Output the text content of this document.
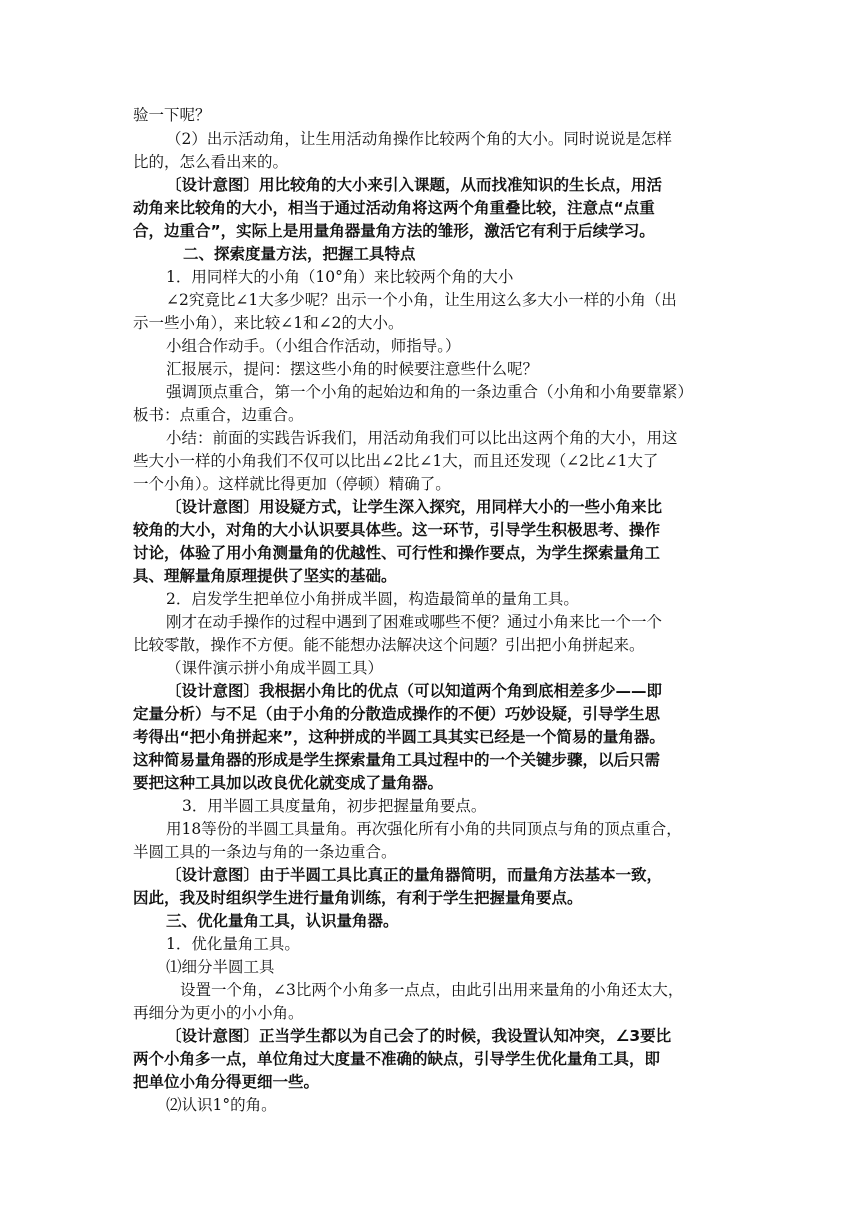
验一下呢？
（2）出示活动角，让生用活动角操作比较两个角的大小。同时说说是怎样
比的，怎么看出来的。
〔设计意图〕用比较角的大小来引入课题，从而找准知识的生长点，用活
动角来比较角的大小，相当于通过活动角将这两个角重叠比较，注意点“点重
合，边重合”，实际上是用量角器量角方法的雏形，激活它有利于后续学习。
二、探索度量方法，把握工具特点
1．用同样大的小角（10°角）来比较两个角的大小
∠2究竟比∠1大多少呢？出示一个小角，让生用这么多大小一样的小角（出
示一些小角），来比较∠1和∠2的大小。
小组合作动手。（小组合作活动，师指导。）
汇报展示，提问：摆这些小角的时候要注意些什么呢？
强调顶点重合，第一个小角的起始边和角的一条边重合（小角和小角要靠紧）
板书：点重合，边重合。
小结：前面的实践告诉我们，用活动角我们可以比出这两个角的大小，用这
些大小一样的小角我们不仅可以比出∠2比∠1大，而且还发现（∠2比∠1大了
一个小角）。这样就比得更加（停顿）精确了。
〔设计意图〕用设疑方式，让学生深入探究，用同样大小的一些小角来比
较角的大小，对角的大小认识要具体些。这一环节，引导学生积极思考、操作
讨论，体验了用小角测量角的优越性、可行性和操作要点，为学生探索量角工
具、理解量角原理提供了坚实的基础。
2．启发学生把单位小角拼成半圆，构造最简单的量角工具。
刚才在动手操作的过程中遇到了困难或哪些不便？通过小角来比一个一个
比较零散，操作不方便。能不能想办法解决这个问题？引出把小角拼起来。
（课件演示拼小角成半圆工具）
〔设计意图〕我根据小角比的优点（可以知道两个角到底相差多少——即
定量分析）与不足（由于小角的分散造成操作的不便）巧妙设疑，引导学生思
考得出“把小角拼起来”，这种拼成的半圆工具其实已经是一个简易的量角器。
这种简易量角器的形成是学生探索量角工具过程中的一个关键步骤，以后只需
要把这种工具加以改良优化就变成了量角器。
3．用半圆工具度量角，初步把握量角要点。
用18等份的半圆工具量角。再次强化所有小角的共同顶点与角的顶点重合，
半圆工具的一条边与角的一条边重合。
〔设计意图〕由于半圆工具比真正的量角器简明，而量角方法基本一致，
因此，我及时组织学生进行量角训练，有利于学生把握量角要点。
三、优化量角工具，认识量角器。
1．优化量角工具。
⑴细分半圆工具
设置一个角，∠3比两个小角多一点点，由此引出用来量角的小角还太大，
再细分为更小的小小角。
〔设计意图〕正当学生都以为自己会了的时候，我设置认知冲突，∠3要比
两个小角多一点，单位角过大度量不准确的缺点，引导学生优化量角工具，即
把单位小角分得更细一些。
⑵认识1°的角。
